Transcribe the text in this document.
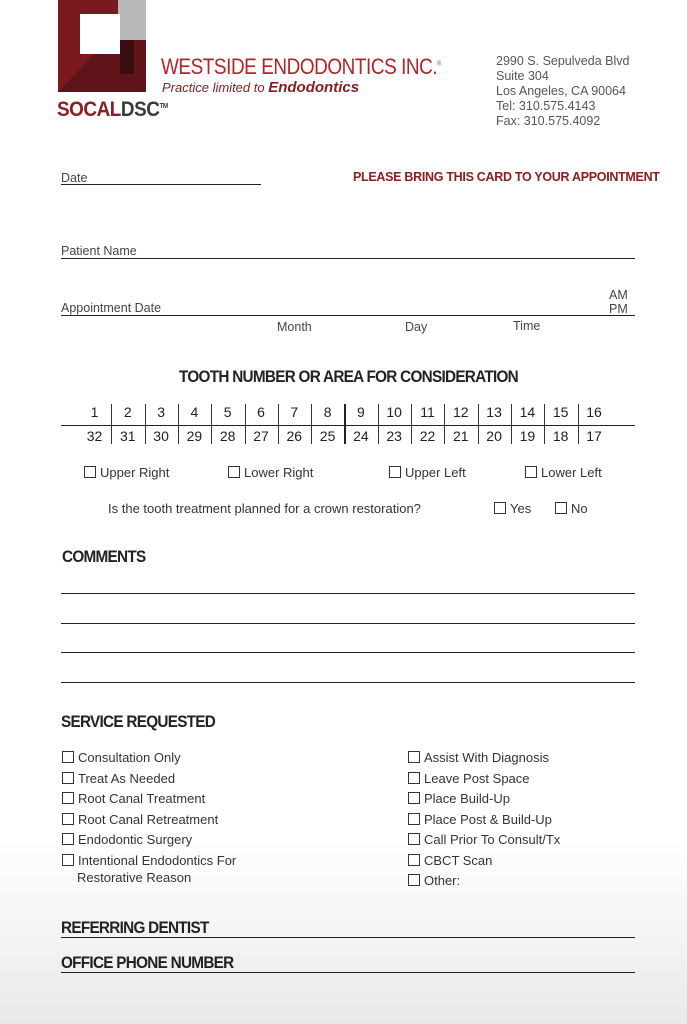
SOCALDSC™
WESTSIDE ENDODONTICS INC.®
Practice limited to Endodontics
2990 S. Sepulveda Blvd
Suite 304
Los Angeles, CA 90064
Tel: 310.575.4143
Fax: 310.575.4092
Date	PLEASE BRING THIS CARD TO YOUR APPOINTMENT
Patient Name
Appointment Date
AM
PM
Month	Day	Time
TOOTH NUMBER OR AREA FOR CONSIDERATION
1	2	3	4	5	6	7	8	9	10	11	12	13	14	15	16
32	31	30	29	28	27	26	25	24	23	22	21	20	19	18	17
Upper Right	Lower Right	Upper Left	Lower Left
Is the tooth treatment planned for a crown restoration?	Yes	No
COMMENTS
SERVICE REQUESTED
Consultation Only
Treat As Needed
Root Canal Treatment
Root Canal Retreatment
Endodontic Surgery
Intentional Endodontics For
Restorative Reason
Assist With Diagnosis
Leave Post Space
Place Build-Up
Place Post & Build-Up
Call Prior To Consult/Tx
CBCT Scan
Other:
REFERRING DENTIST
OFFICE PHONE NUMBER
